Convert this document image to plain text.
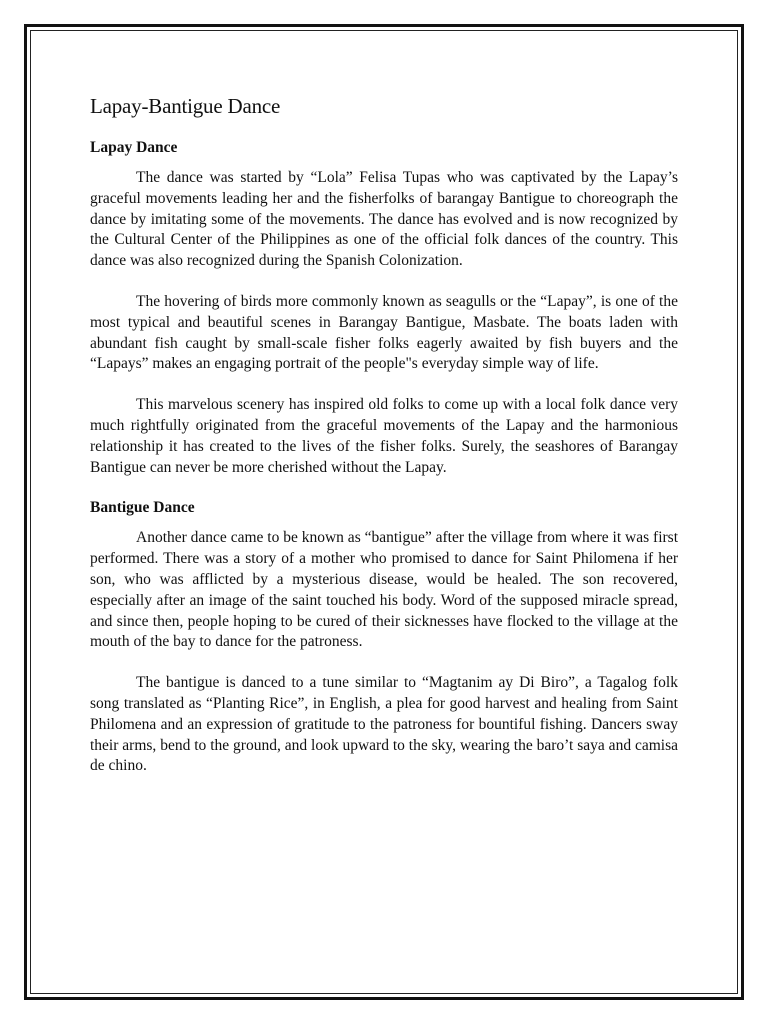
Lapay-Bantigue Dance
Lapay Dance

The dance was started by “Lola” Felisa Tupas who was captivated by the Lapay’s graceful movements leading her and the fisherfolks of barangay Bantigue to choreograph the dance by imitating some of the movements. The dance has evolved and is now recognized by the Cultural Center of the Philippines as one of the official folk dances of the country. This dance was also recognized during the Spanish Colonization.

The hovering of birds more commonly known as seagulls or the “Lapay”, is one of the most typical and beautiful scenes in Barangay Bantigue, Masbate. The boats laden with abundant fish caught by small-scale fisher folks eagerly awaited by fish buyers and the “Lapays” makes an engaging portrait of the people"s everyday simple way of life.

This marvelous scenery has inspired old folks to come up with a local folk dance very much rightfully originated from the graceful movements of the Lapay and the harmonious relationship it has created to the lives of the fisher folks. Surely, the seashores of Barangay Bantigue can never be more cherished without the Lapay.

Bantigue Dance

Another dance came to be known as “bantigue” after the village from where it was first performed. There was a story of a mother who promised to dance for Saint Philomena if her son, who was afflicted by a mysterious disease, would be healed. The son recovered, especially after an image of the saint touched his body. Word of the supposed miracle spread, and since then, people hoping to be cured of their sicknesses have flocked to the village at the mouth of the bay to dance for the patroness.

The bantigue is danced to a tune similar to “Magtanim ay Di Biro”, a Tagalog folk song translated as “Planting Rice”, in English, a plea for good harvest and healing from Saint Philomena and an expression of gratitude to the patroness for bountiful fishing. Dancers sway their arms, bend to the ground, and look upward to the sky, wearing the baro’t saya and camisa de chino.
